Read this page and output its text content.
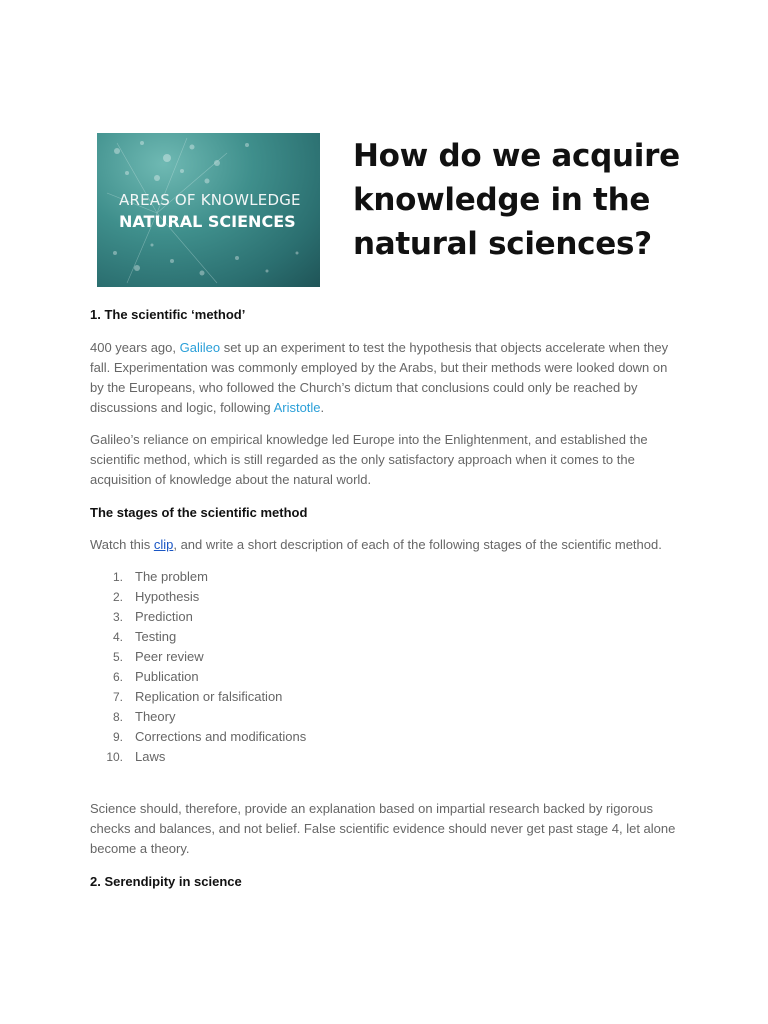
AREAS OF KNOWLEDGE
NATURAL SCIENCES
How do we acquire
knowledge in the
natural sciences?
1. The scientific ‘method’

400 years ago, Galileo set up an experiment to test the hypothesis that objects accelerate when they fall. Experimentation was commonly employed by the Arabs, but their methods were looked down on by the Europeans, who followed the Church’s dictum that conclusions could only be reached by discussions and logic, following Aristotle.

Galileo’s reliance on empirical knowledge led Europe into the Enlightenment, and established the scientific method, which is still regarded as the only satisfactory approach when it comes to the acquisition of knowledge about the natural world.

The stages of the scientific method

Watch this clip, and write a short description of each of the following stages of the scientific method.

1. The problem
2. Hypothesis
3. Prediction
4. Testing
5. Peer review
6. Publication
7. Replication or falsification
8. Theory
9. Corrections and modifications
10. Laws

Science should, therefore, provide an explanation based on impartial research backed by rigorous checks and balances, and not belief. False scientific evidence should never get past stage 4, let alone become a theory.

2. Serendipity in science
